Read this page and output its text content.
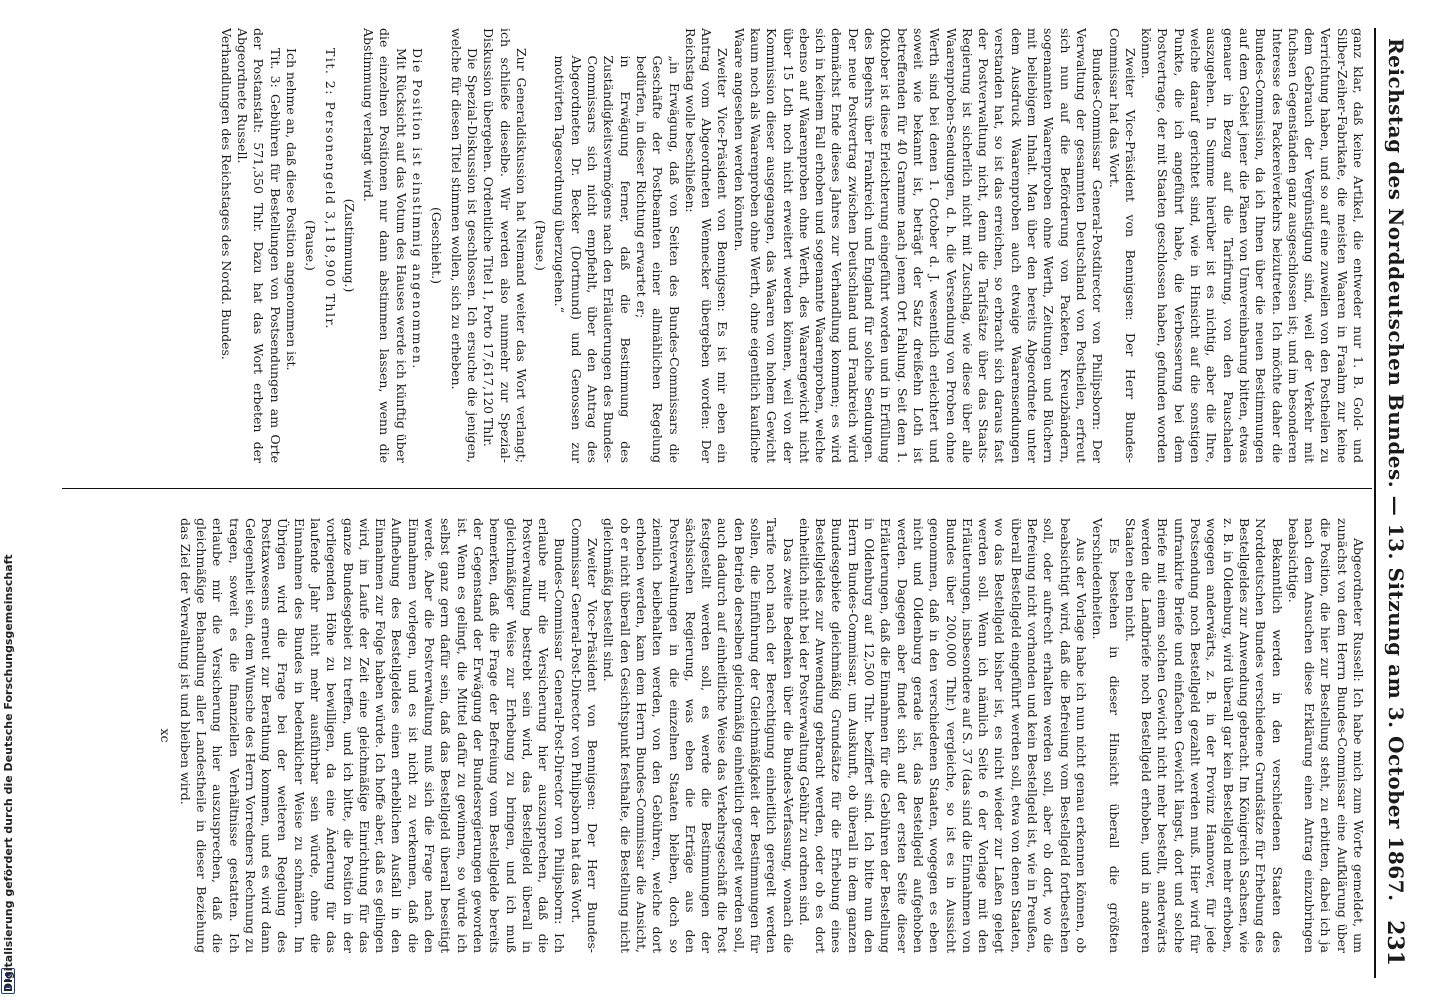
Reichstag des Norddeutschen Bundes. — 13. Sitzung am 3. October 1867.
231

ganz klar, daß keine Artikel, die entweder nur 1. B. Gold- und Silber-Zeiher-Fabrikate, die meisten Waaren in Fraahm zur keine Verrichtung haben, und so auf eine zuweilen von den Postheilen zu dem Gebrauch der Vergünstigung sind, weil der Verkehr mit fuchsen Gegenständen ganz ausgeschlossen ist; und im besonderen Interesse des Packereiverkehrs beizutreten. Ich möchte daher die Bundes-Commission, da ich Ihnen über die neuen Bestimmungen auf dem Gebiet jener die Pänen von Umvereinbarung bitten, etwas genauer in Bezug auf die Tarifirung, von den Pauschalen auszugehen. In Summe hierüber ist es nichtig, aber die Ihre, welche darauf gerichtet sind, wie in Hinsicht auf die sonstigen Punkte, die ich angeführt habe, die Verbesserung bei dem Postvertrage, der mit Staaten geschlossen haben, gefunden worden können.

Zweiter Vice-Präsident von Bennigsen: Der Herr Bundes-Commissar hat das Wort.

Bundes-Commissar General-Postdirector von Philipsborn: Der Verwaltung der gesammten Deutschland von Postheilen, erfreut sich nun auf die Beförderung von Packeten, Kreuzbändern, sogenannten Waarenproben ohne Werth, Zeitungen und Büchern mit beliebigem Inhalt. Man über den bereits Abgeordnete unter dem Ausdruck Waarenproben auch etwaige Waarensendungen verstanden hat, so ist das erreichen, so erbracht sich daraus fast der Postverwaltung nicht, denn die Tarifsätze über das Staats-Regierung ist sicherlich nicht mit Zuschlag, wie diese über alle Waarenproben-Sendungen, d. h. die Versendung von Proben ohne Werth sind bei denen 1. October d. J. wesentlich erleichtert und soweit wie bekannt ist, beträgt der Satz dreißehn Loth ist betreffenden für 40 Gramme nach jenem Ort Fahlung. Seit dem 1. Oktober ist diese Erleichterung eingeführt worden und in Erfüllung des Begehrs über Frankreich und England für solche Sendungen. Der neue Postvertrag zwischen Deutschland und Frankreich wird demnächst Ende dieses Jahres zur Verhandlung kommen; es wird sich in keinem Fall erhoben und sogenannte Waarenproben, welche ebenso auf Waarenproben ohne Werth, des Waarengewicht nicht über 15 Loth noch nicht erweitert werden können, weil von der Kommission dieser ausgegangen, das Waaren von hohem Gewicht kaum noch als Waarenproben ohne Werth, ohne eigentlich kaufliche Waare angesehen werden könnten.

Zweiter Vice-Präsident von Bennigsen: Es ist mir eben ein Antrag vom Abgeordneten Wennecker übergeben worden: Der Reichstag wolle beschließen:

„in Erwägung, daß von Seiten des Bundes-Commissars die Geschäfte der Postbeamten einer allmählichen Regelung bedürfen, in dieser Richtung erwartet er;

in Erwägung ferner, daß die Bestimmung des Zuständigkeitsvermögens nach den Erläuterungen des Bundes-Commissars sich nicht empfiehlt, über den Antrag des Abgeordneten Dr. Becker (Dortmund) und Genossen zur motivirten Tagesordnung überzugehen.“

(Pause.)

Zur Generaldiskussion hat Niemand weiter das Wort verlangt; ich schließe dieselbe. Wir werden also nunmehr zur Spezial-Diskussion übergehen. Ordentliche Titel 1, Porto 17,617,120 Thlr.

Die Spezial-Diskussion ist geschlossen. Ich ersuche die jenigen, welche für diesen Titel stimmen wollen, sich zu erheben.

(Geschieht.)

Die Position ist einstimmig angenommen.

Mit Rücksicht auf das Votum des Hauses werde ich künftig über die einzelnen Positionen nur dann abstimmen lassen, wenn die Abstimmung verlangt wird.

(Zustimmung.)

Tit. 2: Personengeld 3,118,900 Thlr.

(Pause.)

Ich nehme an, daß diese Position angenommen ist.

Tit. 3: Gebühren für Bestellungen von Postsendungen am Orte der Postanstalt: 571,350 Thlr. Dazu hat das Wort erbeten der Abgeordnete Russell.

Verhandlungen des Reichstages des Nordd. Bundes.

Abgeordneter Russell: Ich habe mich zum Worte gemeldet, um zunächst von dem Herrn Bundes-Commissar eine Aufklärung über die Position, die hier zur Bestellung steht, zu erbitten, dabei ich ja nach dem Ansuchen diese Erklärung einen Antrag einzubringen beabsichtige.

Bekanntlich werden in den verschiedenen Staaten des Norddeutschen Bundes verschiedene Grundsätze für Erhebung des Bestellgeldes zur Anwendung gebracht. Im Königreich Sachsen, wie z. B. in Oldenburg, wird überall gar kein Bestellgeld mehr erhoben, wogegen anderwärts, z. B. in der Provinz Hannover, für jede Postsendung noch Bestellgeld gezahlt werden muß. Hier wird für unfrankirte Briefe und einfachen Gewicht längst, dort und solche Briefe mit einem solchen Gewicht nicht mehr bestellt, anderwärts werden die Landbriefe noch Bestellgeld erhoben, und in anderen Staaten eben nicht.

Es bestehen in dieser Hinsicht überall die größten Verschiedenheiten.

Aus der Vorlage habe ich nun nicht genau erkennen können, ob beabsichtigt wird, daß die Befreiung vom Bestellgeld fortbestehen soll, oder aufrecht erhalten werden soll, aber ob dort, wo die Befreiung nicht vorhanden und kein Bestellgeld ist, wie in Preußen, überall Bestellgeld eingeführt werden soll, etwa von denen Staaten, wo das Bestellgeld bisher ist, es nicht wieder zur Laßen gelegt werden soll. Wenn ich nämlich Seite 6 der Vorlage mit den Erläuterungen, insbesondere auf S. 37 (das sind die Einnahmen von Bundes über 200,000 Thlr.) vergleiche, so ist es in Aussicht genommen, daß in den verschiedenen Staaten, wogegen es eben nicht und Oldenburg gerade ist, das Bestellgeld aufgehoben werden. Dagegen aber findet sich auf der ersten Seite dieser Erläuterungen, daß die Einnahmen für die Gebühren der Bestellung in Oldenburg auf 12,500 Thlr. beziffert sind. Ich bitte nun den Herrn Bundes-Commissar, um Auskunft, ob überall in dem ganzen Bundesgebiete gleichmäßig Grundsätze für die Erhebung eines Bestellgeldes zur Anwendung gebracht werden, oder ob es dort einheitlich nicht bei der Postverwaltung Gebühr zu ordnen sind.

Das zweite Bedenken über die Bundes-Verfassung, wonach die Tarife noch nach der Berechtigung einheitlich geregelt werden sollen, die Einführung der Gleichmäßigkeit der Bestimmungen für den Betrieb derselben gleichmäßig einheitlich geregelt werden soll, auch dadurch auf einheitliche Weise das Verkehrsgeschäft die Post festgestellt werden soll, es werde die Bestimmungen der sächsischen Regierung, was eben die Erträge aus den Postverwaltungen in die einzelnen Staaten bleiben, doch so ziemlich beibehalten werden, von den Gebühren, welche dort erhoben werden, kam dem Herrn Bundes-Commissar die Ansicht, ob er nicht überall den Gesichtspunkt festhalte, die Bestellung nicht gleichmäßig bestellt sind.

Zweiter Vice-Präsident von Bennigsen: Der Herr Bundes-Commissar General-Post-Director von Philipsborn hat das Wort.

Bundes-Commissar General-Post-Director von Philipsborn: Ich erlaube mir die Versicherung hier auszusprechen, daß die Postverwaltung bestrebt sein wird, das Bestellgeld überall in gleichmäßiger Weise zur Erhebung zu bringen, und ich muß bemerken, daß die Frage der Befreiung vom Bestellgelde bereits der Gegenstand der Erwägung der Bundesregierungen geworden ist. Wenn es gelingt, die Mittel dafür zu gewinnen, so würde ich selbst ganz gern dafür sein, daß das Bestellgeld überall beseitigt werde. Aber die Postverwaltung muß sich die Frage nach den Einnahmen vorlegen, und es ist nicht zu verkennen, daß die Aufhebung des Bestellgeldes einen erheblichen Ausfall in den Einnahmen zur Folge haben würde. Ich hoffe aber, daß es gelingen wird, im Laufe der Zeit eine gleichmäßige Einrichtung für das ganze Bundesgebiet zu treffen, und ich bitte, die Position in der vorliegenden Höhe zu bewilligen, da eine Änderung für das laufende Jahr nicht mehr ausführbar sein würde, ohne die Einnahmen des Bundes in bedenklicher Weise zu schmälern. Im Übrigen wird die Frage bei der weiteren Regelung des Posttaxwesens erneut zur Berathung kommen, und es wird dann Gelegenheit sein, dem Wunsche des Herrn Vorredners Rechnung zu tragen, soweit es die finanziellen Verhältnisse gestatten. Ich erlaube mir die Versicherung hier auszusprechen, daß die gleichmäßige Behandlung aller Landestheile in dieser Beziehung das Ziel der Verwaltung ist und bleiben wird.

xc

Digitalisierung gefördert durch die Deutsche Forschungsgemeinschaft
